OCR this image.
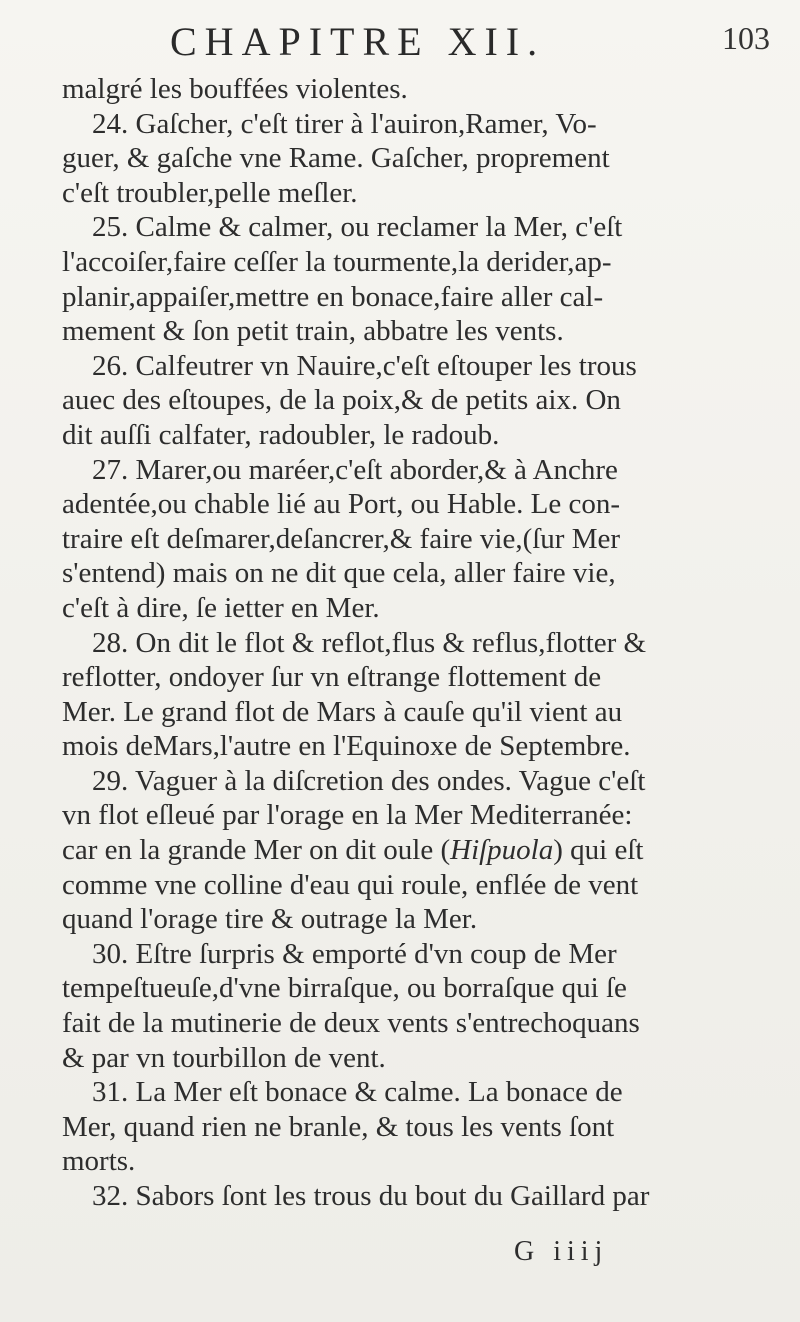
CHAPITRE XII.	103
malgré les bouffées violentes.
24. Gaſcher, c'eſt tirer à l'auiron,Ramer, Vo-
guer, & gaſche vne Rame. Gaſcher, proprement
c'eſt troubler,pelle meſler.
25. Calme & calmer, ou reclamer la Mer, c'eſt
l'accoiſer,faire ceſſer la tourmente,la derider,ap-
planir,appaiſer,mettre en bonace,faire aller cal-
mement & ſon petit train, abbatre les vents.
26. Calfeutrer vn Nauire,c'eſt eſtouper les trous
auec des eſtoupes, de la poix,& de petits aix. On
dit auſſi calfater, radoubler, le radoub.
27. Marer,ou maréer,c'eſt aborder,& à Anchre
adentée,ou chable lié au Port, ou Hable. Le con-
traire eſt deſmarer,deſancrer,& faire vie,(ſur Mer
s'entend) mais on ne dit que cela, aller faire vie,
c'eſt à dire, ſe ietter en Mer.
28. On dit le flot & reflot,flus & reflus,flotter &
reflotter, ondoyer ſur vn eſtrange flottement de
Mer. Le grand flot de Mars à cauſe qu'il vient au
mois deMars,l'autre en l'Equinoxe de Septembre.
29. Vaguer à la diſcretion des ondes. Vague c'eſt
vn flot eſleué par l'orage en la Mer Mediterranée:
car en la grande Mer on dit oule (Hiſpuola) qui eſt
comme vne colline d'eau qui roule, enflée de vent
quand l'orage tire & outrage la Mer.
30. Eſtre ſurpris & emporté d'vn coup de Mer
tempeſtueuſe,d'vne birraſque, ou borraſque qui ſe
fait de la mutinerie de deux vents s'entrechoquans
& par vn tourbillon de vent.
31. La Mer eſt bonace & calme. La bonace de
Mer, quand rien ne branle, & tous les vents ſont
morts.
32. Sabors ſont les trous du bout du Gaillard par
G iiij
